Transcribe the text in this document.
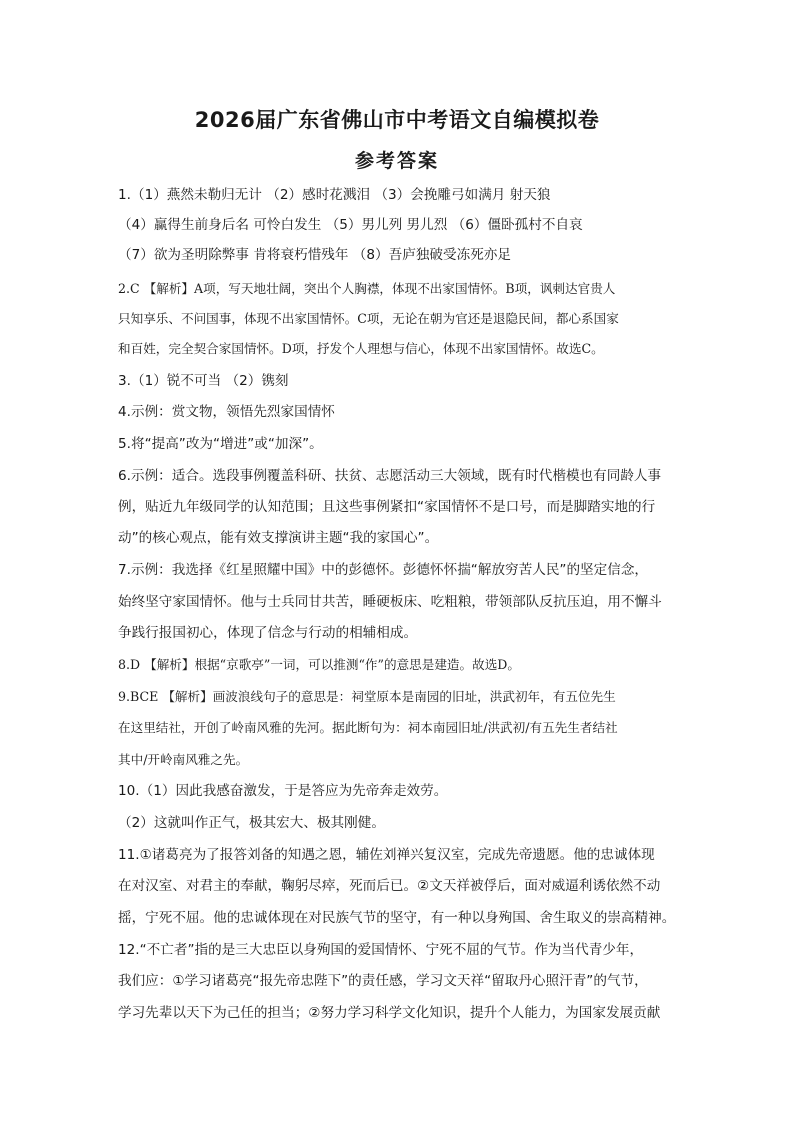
2026届广东省佛山市中考语文自编模拟卷
参考答案
1.（1）燕然未勒归无计 （2）感时花溅泪 （3）会挽雕弓如满月 射天狼
（4）赢得生前身后名 可怜白发生 （5）男儿列 男儿烈 （6）僵卧孤村不自哀
（7）欲为圣明除弊事 肯将衰朽惜残年 （8）吾庐独破受冻死亦足
2.C 【解析】A项，写天地壮阔，突出个人胸襟，体现不出家国情怀。B项，讽刺达官贵人
只知享乐、不问国事，体现不出家国情怀。C项，无论在朝为官还是退隐民间，都心系国家
和百姓，完全契合家国情怀。D项，抒发个人理想与信心，体现不出家国情怀。故选C。
3.（1）锐不可当 （2）镌刻
4.示例：赏文物，领悟先烈家国情怀
5.将“提高”改为“增进”或“加深”。
6.示例：适合。选段事例覆盖科研、扶贫、志愿活动三大领域，既有时代楷模也有同龄人事
例，贴近九年级同学的认知范围；且这些事例紧扣“家国情怀不是口号，而是脚踏实地的行
动”的核心观点，能有效支撑演讲主题“我的家国心”。
7.示例：我选择《红星照耀中国》中的彭德怀。彭德怀怀揣“解放穷苦人民”的坚定信念，
始终坚守家国情怀。他与士兵同甘共苦，睡硬板床、吃粗粮，带领部队反抗压迫，用不懈斗
争践行报国初心，体现了信念与行动的相辅相成。
8.D 【解析】根据“京歌亭”一词，可以推测“作”的意思是建造。故选D。
9.BCE 【解析】画波浪线句子的意思是：祠堂原本是南园的旧址，洪武初年，有五位先生
在这里结社，开创了岭南风雅的先河。据此断句为：祠本南园旧址/洪武初/有五先生者结社
其中/开岭南风雅之先。
10.（1）因此我感奋激发，于是答应为先帝奔走效劳。
（2）这就叫作正气，极其宏大、极其刚健。
11.①诸葛亮为了报答刘备的知遇之恩，辅佐刘禅兴复汉室，完成先帝遗愿。他的忠诚体现
在对汉室、对君主的奉献，鞠躬尽瘁，死而后已。②文天祥被俘后，面对威逼利诱依然不动
摇，宁死不屈。他的忠诚体现在对民族气节的坚守，有一种以身殉国、舍生取义的崇高精神。
12.“不亡者”指的是三大忠臣以身殉国的爱国情怀、宁死不屈的气节。作为当代青少年，
我们应：①学习诸葛亮“报先帝忠陛下”的责任感，学习文天祥“留取丹心照汗青”的气节，
学习先辈以天下为己任的担当；②努力学习科学文化知识，提升个人能力，为国家发展贡献
